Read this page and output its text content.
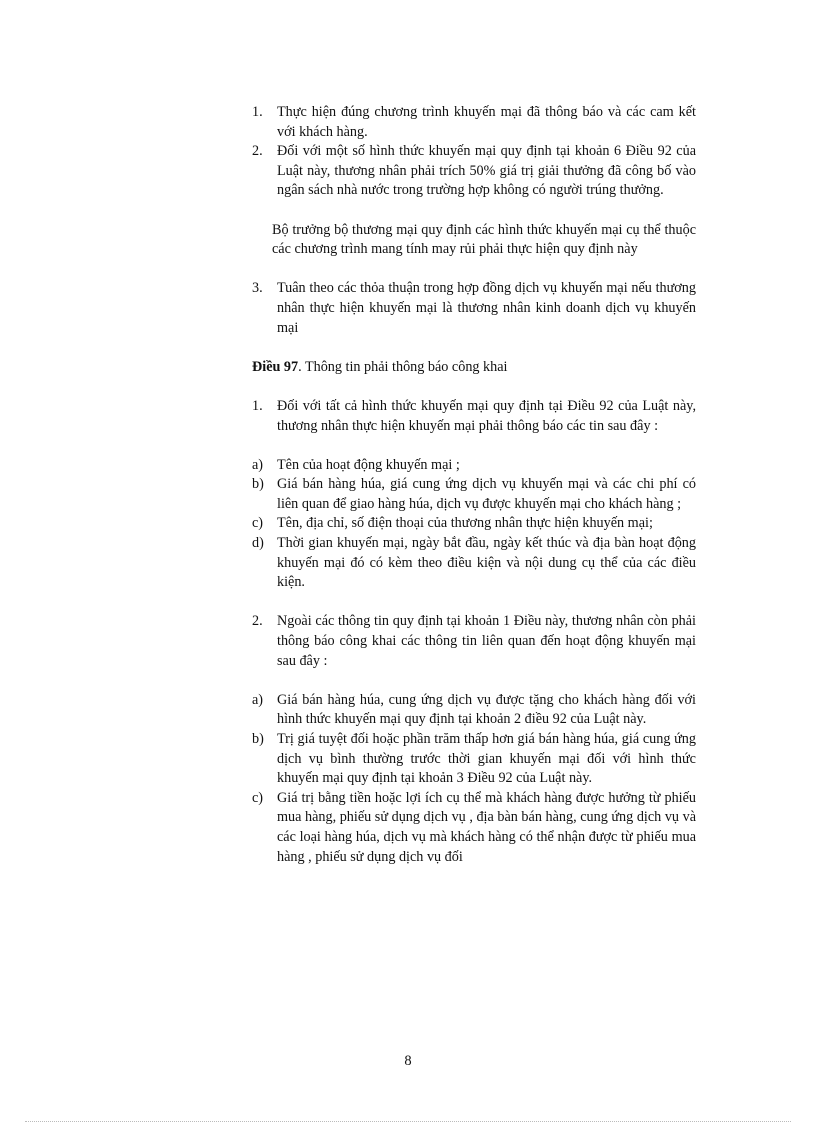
1. Thực hiện đúng chương trình khuyến mại đã thông báo và các cam kết với khách hàng.
2. Đối với một số hình thức khuyến mại quy định tại khoản 6 Điều 92 của Luật này, thương nhân phải trích 50% giá trị giải thưởng đã công bố vào ngân sách nhà nước trong trường hợp không có người trúng thưởng.
Bộ trưởng bộ thương mại quy định các hình thức khuyến mại cụ thể thuộc các chương trình mang tính may rủi phải thực hiện quy định này
3. Tuân theo các thỏa thuận trong hợp đồng dịch vụ khuyến mại nếu thương nhân thực hiện khuyến mại là thương nhân kinh doanh dịch vụ khuyến mại
Điều 97. Thông tin phải thông báo công khai
1. Đối với tất cả hình thức khuyến mại quy định tại Điều 92 của Luật này, thương nhân thực hiện khuyến mại phải thông báo các tin sau đây :
a) Tên của hoạt động khuyến mại ;
b) Giá bán hàng húa, giá cung ứng dịch vụ khuyến mại và các chi phí có liên quan để giao hàng húa, dịch vụ được khuyến mại cho khách hàng ;
c) Tên, địa chỉ, số điện thoại của thương nhân thực hiện khuyến mại;
d) Thời gian khuyến mại, ngày bắt đầu, ngày kết thúc và địa bàn hoạt động khuyến mại đó có kèm theo điều kiện và nội dung cụ thể của các điều kiện.
2. Ngoài các thông tin quy định tại khoản 1 Điều này, thương nhân còn phải thông báo công khai các thông tin liên quan đến hoạt động khuyến mại sau đây :
a) Giá bán hàng húa, cung ứng dịch vụ được tặng cho khách hàng đối với hình thức khuyến mại quy định tại khoản 2 điều 92 của Luật này.
b) Trị giá tuyệt đối hoặc phần trăm thấp hơn giá bán hàng húa, giá cung ứng dịch vụ bình thường trước thời gian khuyến mại đối với hình thức khuyến mại quy định tại khoản 3 Điều 92 của Luật này.
c) Giá trị bằng tiền hoặc lợi ích cụ thể mà khách hàng được hưởng từ phiếu mua hàng, phiếu sử dụng dịch vụ , địa bàn bán hàng, cung ứng dịch vụ và các loại hàng húa, dịch vụ mà khách hàng có thể nhận được từ phiếu mua hàng , phiếu sử dụng dịch vụ đối
8
